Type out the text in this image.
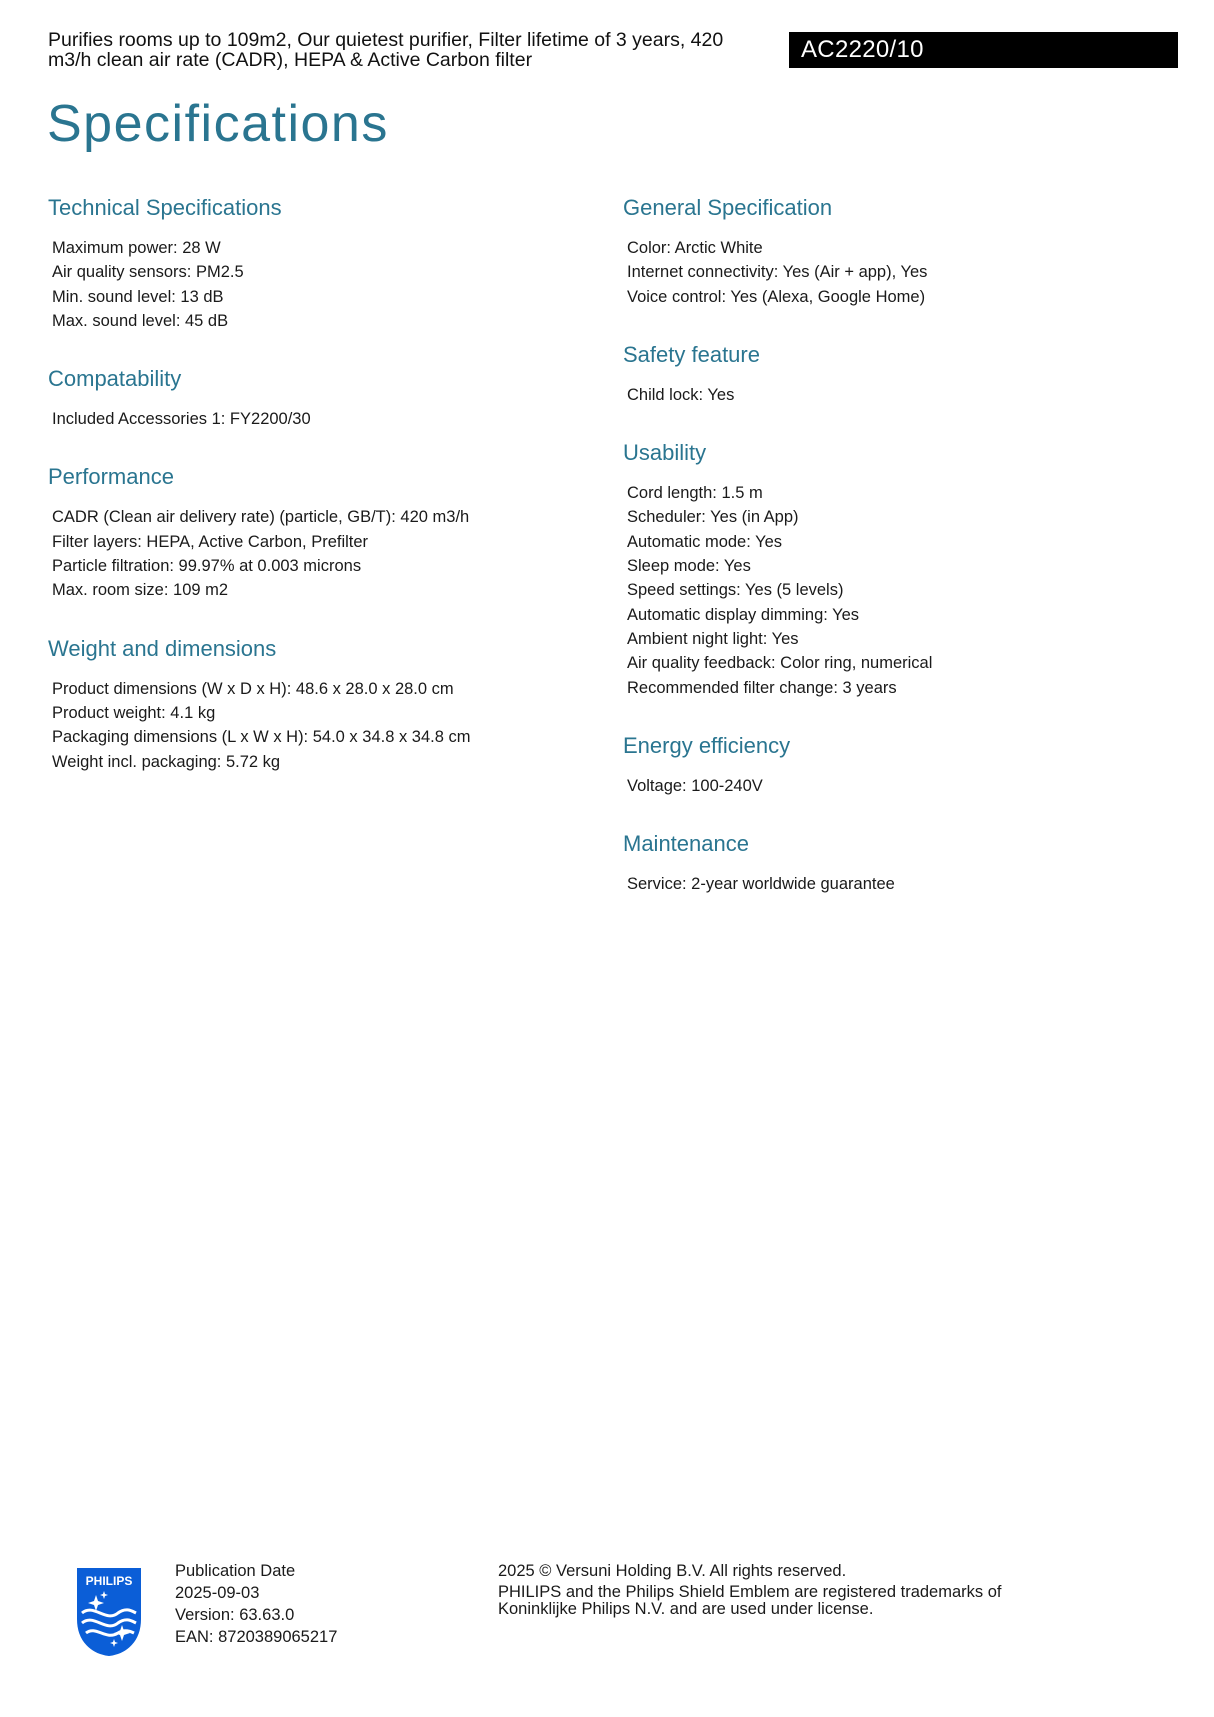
Purifies rooms up to 109m2, Our quietest purifier, Filter lifetime of 3 years, 420 m3/h clean air rate (CADR), HEPA & Active Carbon filter	AC2220/10
Specifications
Technical Specifications
Maximum power: 28 W
Air quality sensors: PM2.5
Min. sound level: 13 dB
Max. sound level: 45 dB
Compatability
Included Accessories 1: FY2200/30
Performance
CADR (Clean air delivery rate) (particle, GB/T): 420 m3/h
Filter layers: HEPA, Active Carbon, Prefilter
Particle filtration: 99.97% at 0.003 microns
Max. room size: 109 m2
Weight and dimensions
Product dimensions (W x D x H): 48.6 x 28.0 x 28.0 cm
Product weight: 4.1 kg
Packaging dimensions (L x W x H): 54.0 x 34.8 x 34.8 cm
Weight incl. packaging: 5.72 kg
General Specification
Color: Arctic White
Internet connectivity: Yes (Air + app), Yes
Voice control: Yes (Alexa, Google Home)
Safety feature
Child lock: Yes
Usability
Cord length: 1.5 m
Scheduler: Yes (in App)
Automatic mode: Yes
Sleep mode: Yes
Speed settings: Yes (5 levels)
Automatic display dimming: Yes
Ambient night light: Yes
Air quality feedback: Color ring, numerical
Recommended filter change: 3 years
Energy efficiency
Voltage: 100-240V
Maintenance
Service: 2-year worldwide guarantee
PHILIPS
Publication Date
2025-09-03
Version: 63.63.0
EAN: 8720389065217
2025 © Versuni Holding B.V. All rights reserved.
PHILIPS and the Philips Shield Emblem are registered trademarks of Koninklijke Philips N.V. and are used under license.
